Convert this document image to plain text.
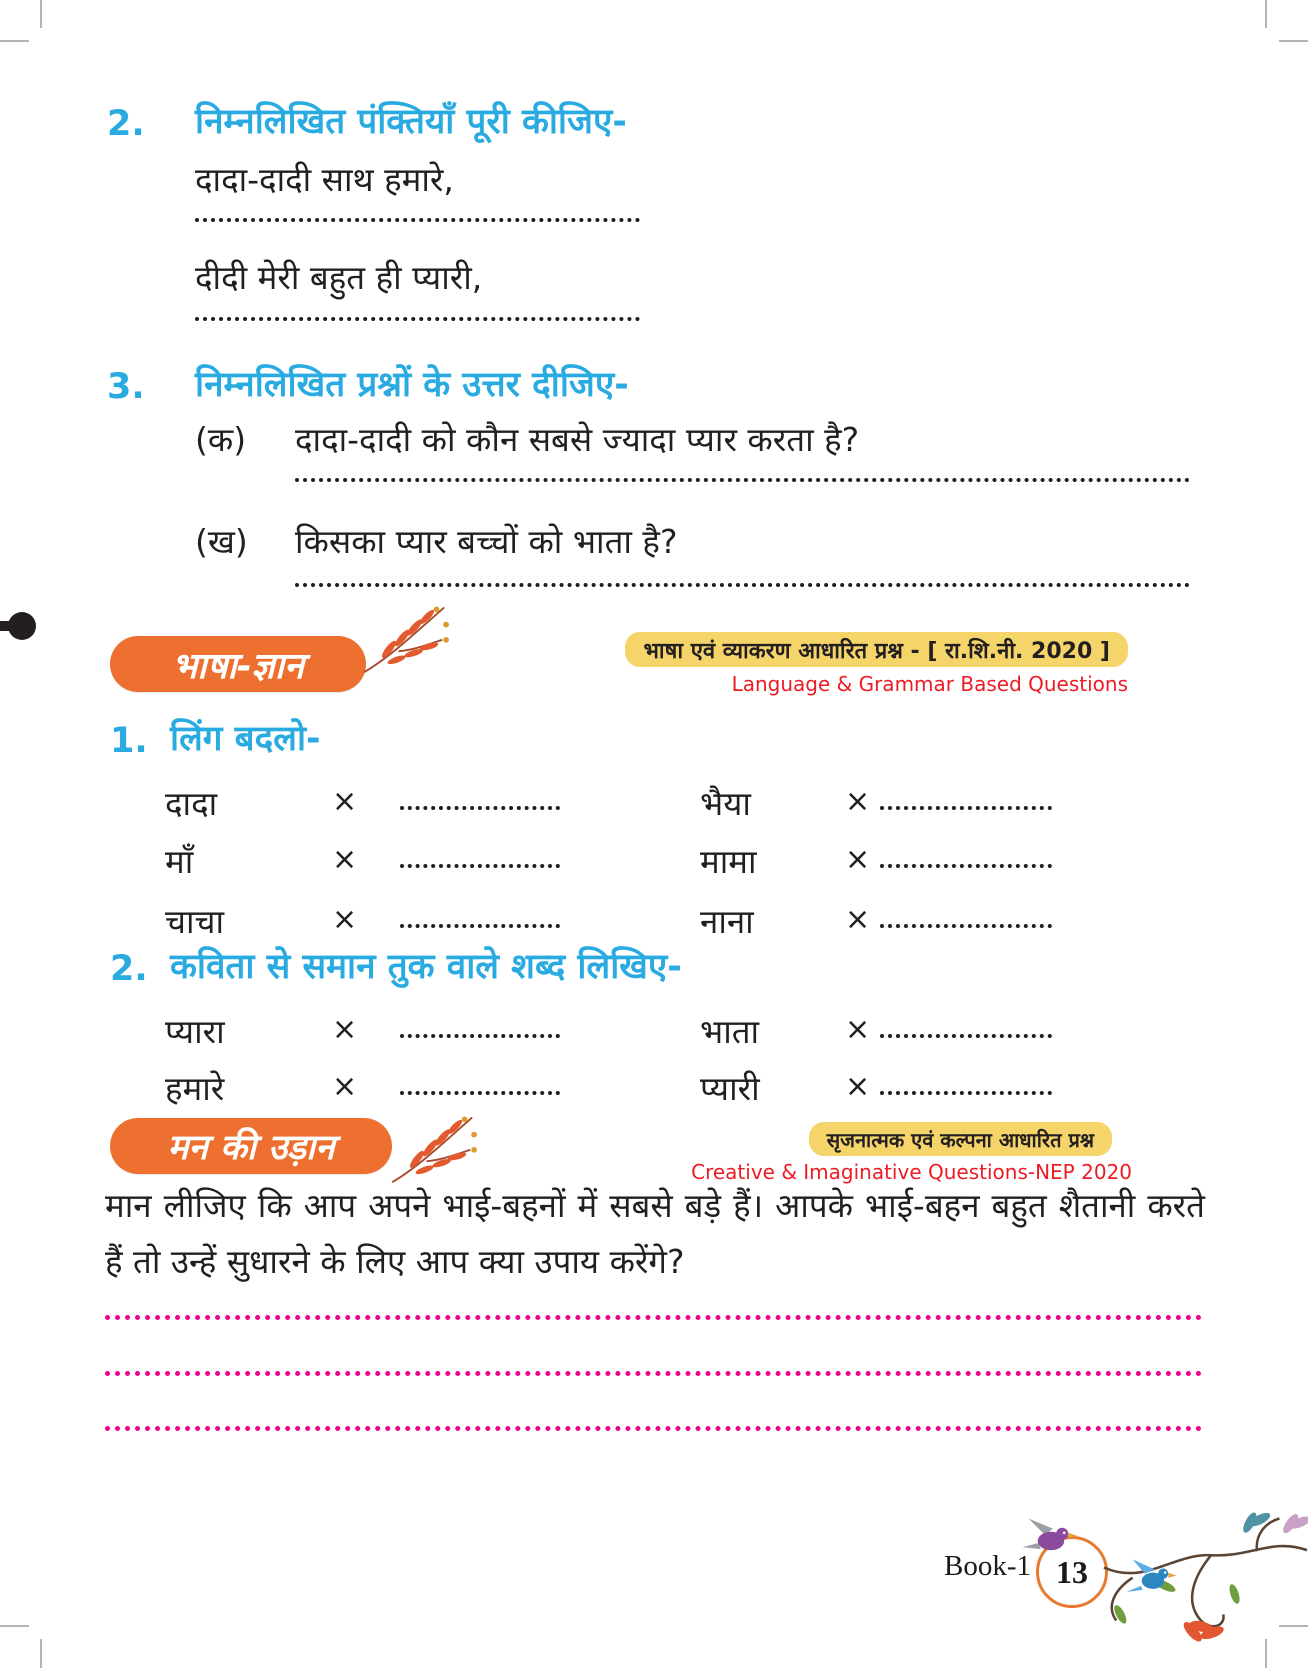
2. निम्नलिखित पंक्तियाँ पूरी कीजिए-
दादा-दादी साथ हमारे,
दीदी मेरी बहुत ही प्यारी,
3. निम्नलिखित प्रश्नों के उत्तर दीजिए-
(क) दादा-दादी को कौन सबसे ज्यादा प्यार करता है?
(ख) किसका प्यार बच्चों को भाता है?
भाषा-ज्ञान	भाषा एवं व्याकरण आधारित प्रश्न - [ रा.शि.नी. 2020 ]
Language & Grammar Based Questions
1. लिंग बदलो-
दादा	×	भैया	×
माँ	×	मामा	×
चाचा	×	नाना	×
2. कविता से समान तुक वाले शब्द लिखिए-
प्यारा	×	भाता	×
हमारे	×	प्यारी	×
मन की उड़ान	सृजनात्मक एवं कल्पना आधारित प्रश्न
Creative & Imaginative Questions-NEP 2020
मान लीजिए कि आप अपने भाई-बहनों में सबसे बड़े हैं। आपके भाई-बहन बहुत शैतानी करते हैं तो उन्हें सुधारने के लिए आप क्या उपाय करेंगे?
Book-1 13
